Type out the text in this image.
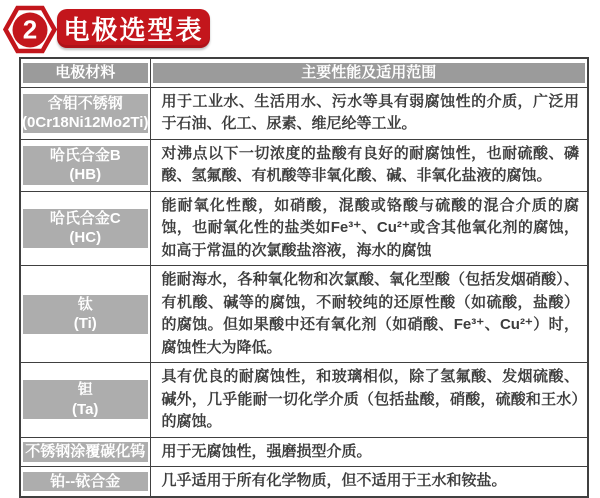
2	电极选型表
电极材料	主要性能及适用范围

含钼不锈钢
(0Cr18Ni12Mo2Ti)	用于工业水、生活用水、污水等具有弱腐蚀性的介质，广泛用于石油、化工、尿素、维尼纶等工业。

哈氏合金B
(HB)	对沸点以下一切浓度的盐酸有良好的耐腐蚀性，也耐硫酸、磷酸、氢氟酸、有机酸等非氧化酸、碱、非氧化盐液的腐蚀。

哈氏合金C
(HC)	能耐氧化性酸，如硝酸，混酸或铬酸与硫酸的混合介质的腐蚀，也耐氧化性的盐类如Fe³⁺、Cu²⁺或含其他氧化剂的腐蚀，如高于常温的次氯酸盐溶液，海水的腐蚀

钛
(Ti)	能耐海水，各种氧化物和次氯酸、氧化型酸（包括发烟硝酸）、有机酸、碱等的腐蚀，不耐较纯的还原性酸（如硫酸，盐酸）的腐蚀。但如果酸中还有氧化剂（如硝酸、Fe³⁺、Cu²⁺）时，腐蚀性大为降低。

钽
(Ta)	具有优良的耐腐蚀性，和玻璃相似，除了氢氟酸、发烟硫酸、碱外，几乎能耐一切化学介质（包括盐酸，硝酸，硫酸和王水）的腐蚀。

不锈钢涂覆碳化钨	用于无腐蚀性，强磨损型介质。

铂--铱合金	几乎适用于所有化学物质，但不适用于王水和铵盐。
